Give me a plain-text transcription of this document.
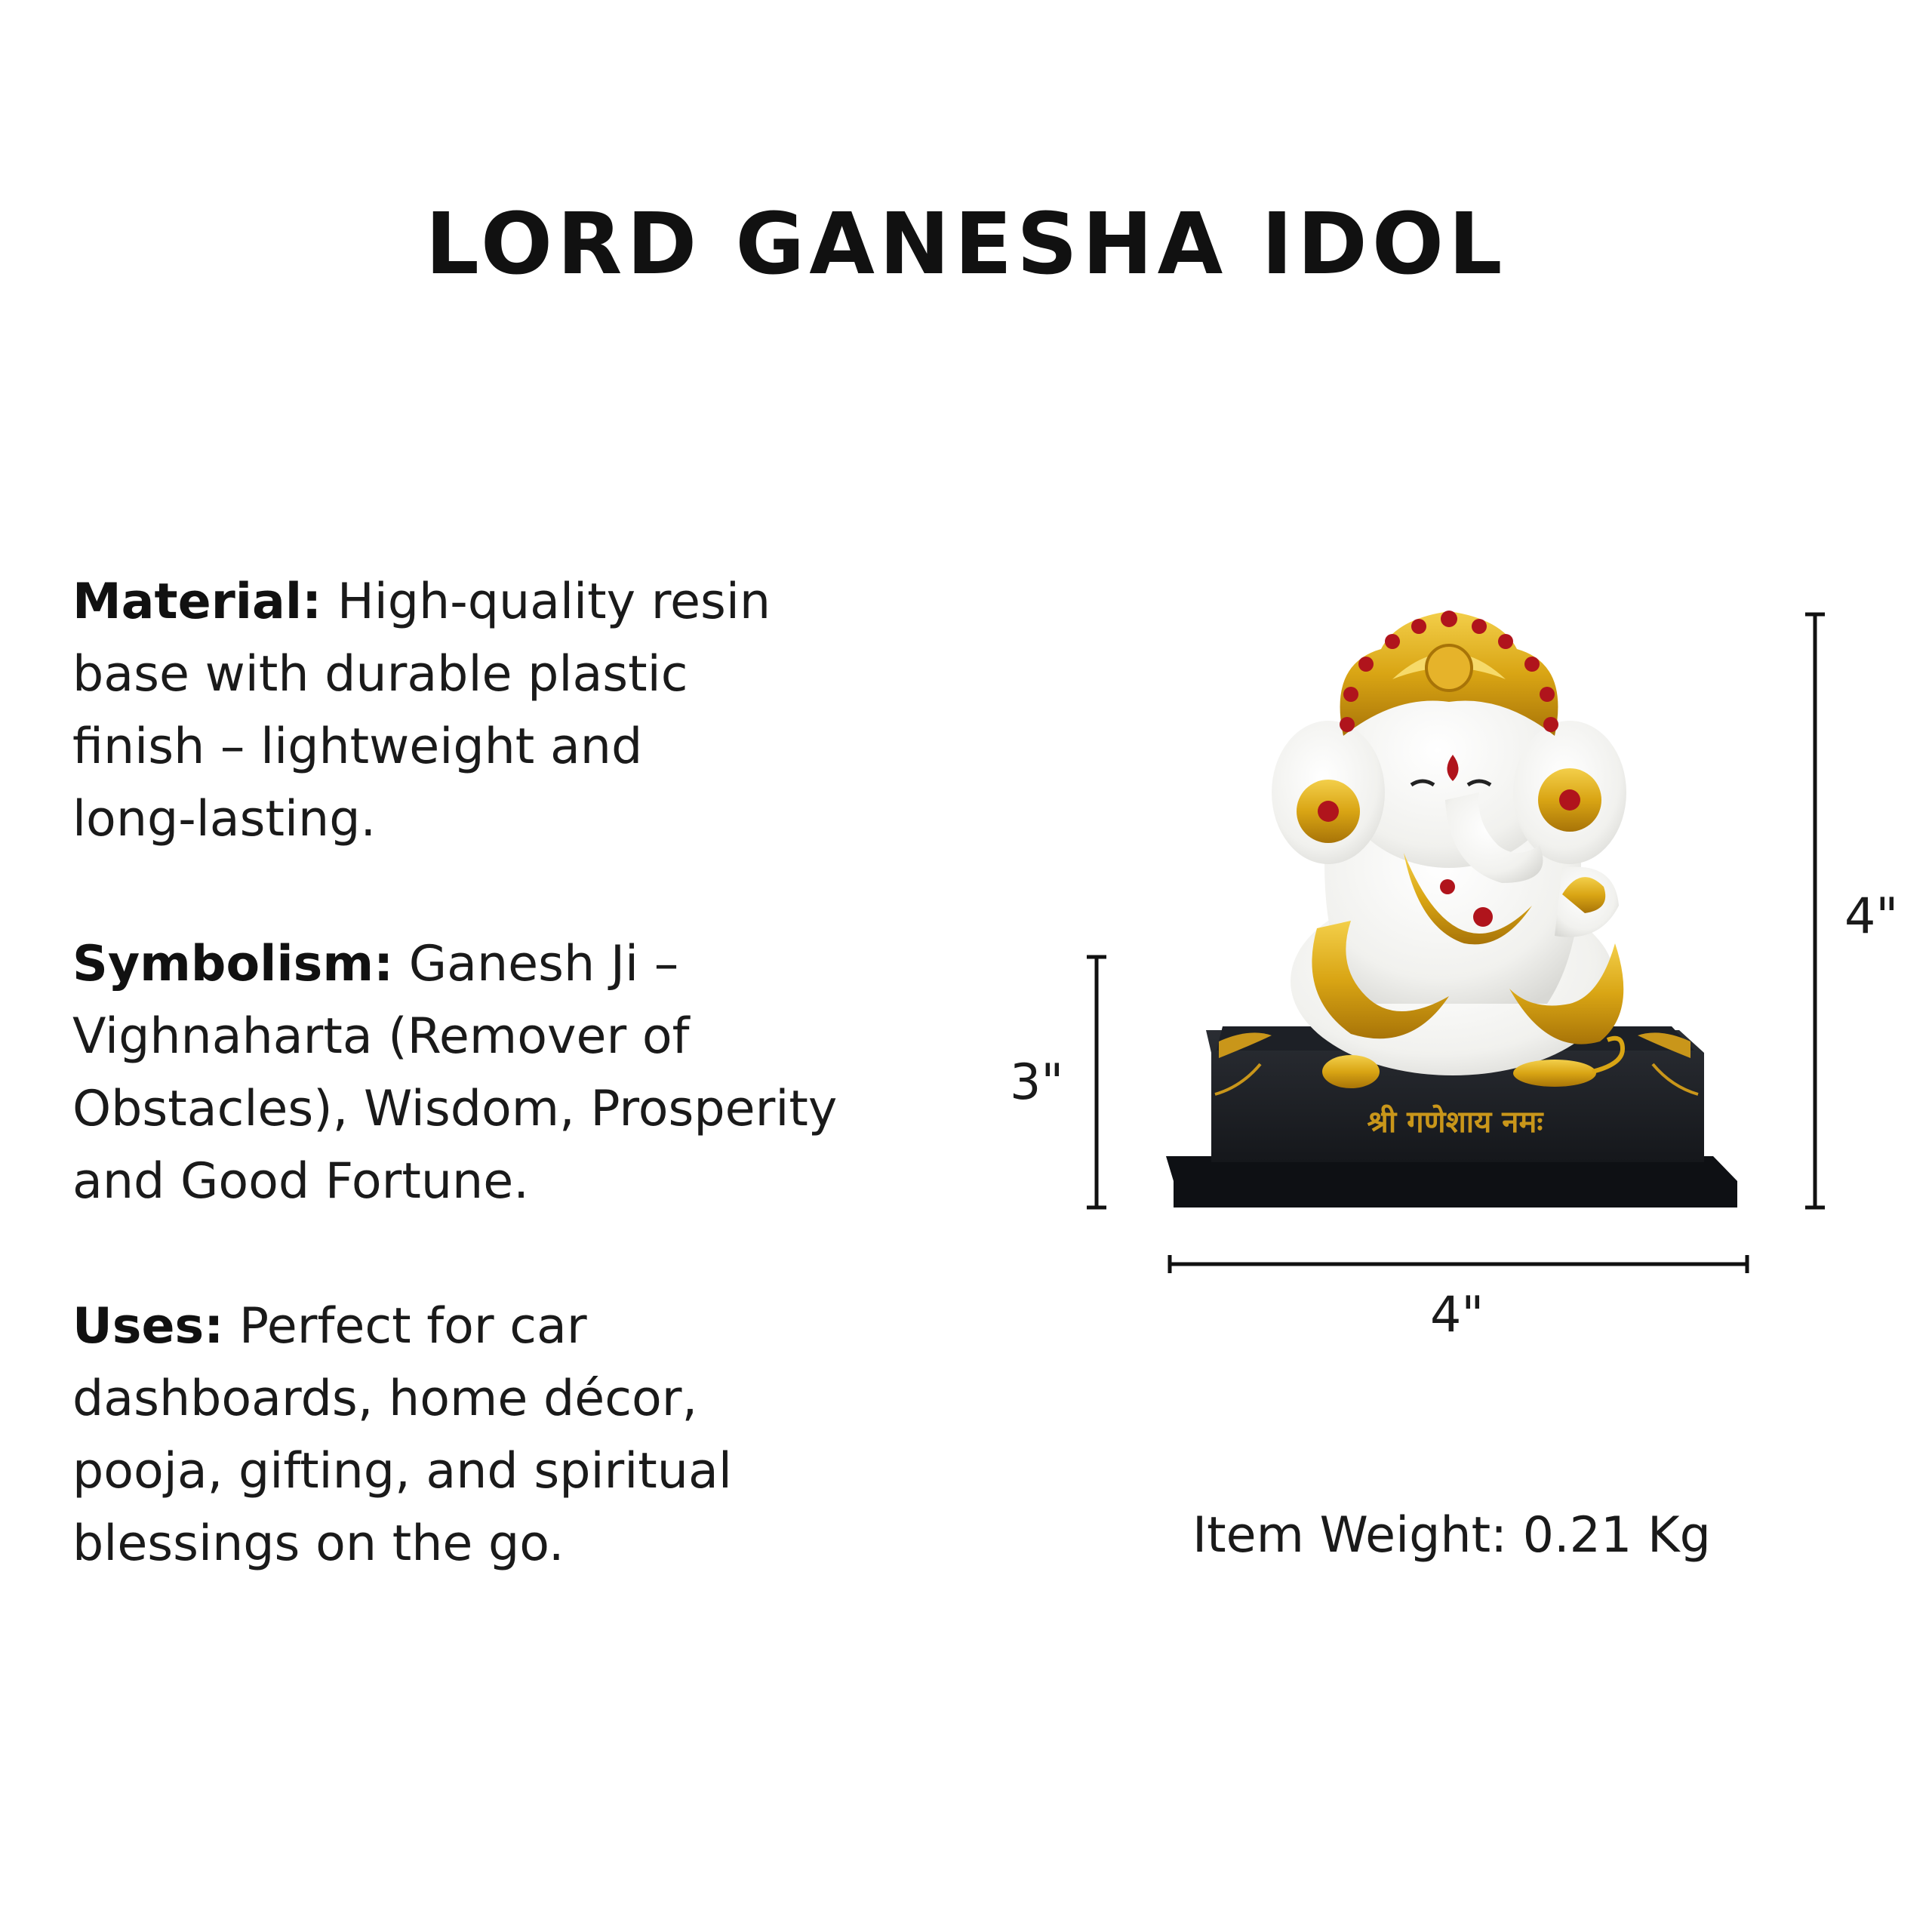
LORD GANESHA IDOL
Material: High-quality resin
base with durable plastic
finish – lightweight and
long-lasting.
Symbolism: Ganesh Ji –
Vighnaharta (Remover of
Obstacles), Wisdom, Prosperity
and Good Fortune.
Uses: Perfect for car
dashboards, home décor,
pooja, gifting, and spiritual
blessings on the go.
श्री गणेशाय नमः
4"
3"
4"
Item Weight: 0.21 Kg
